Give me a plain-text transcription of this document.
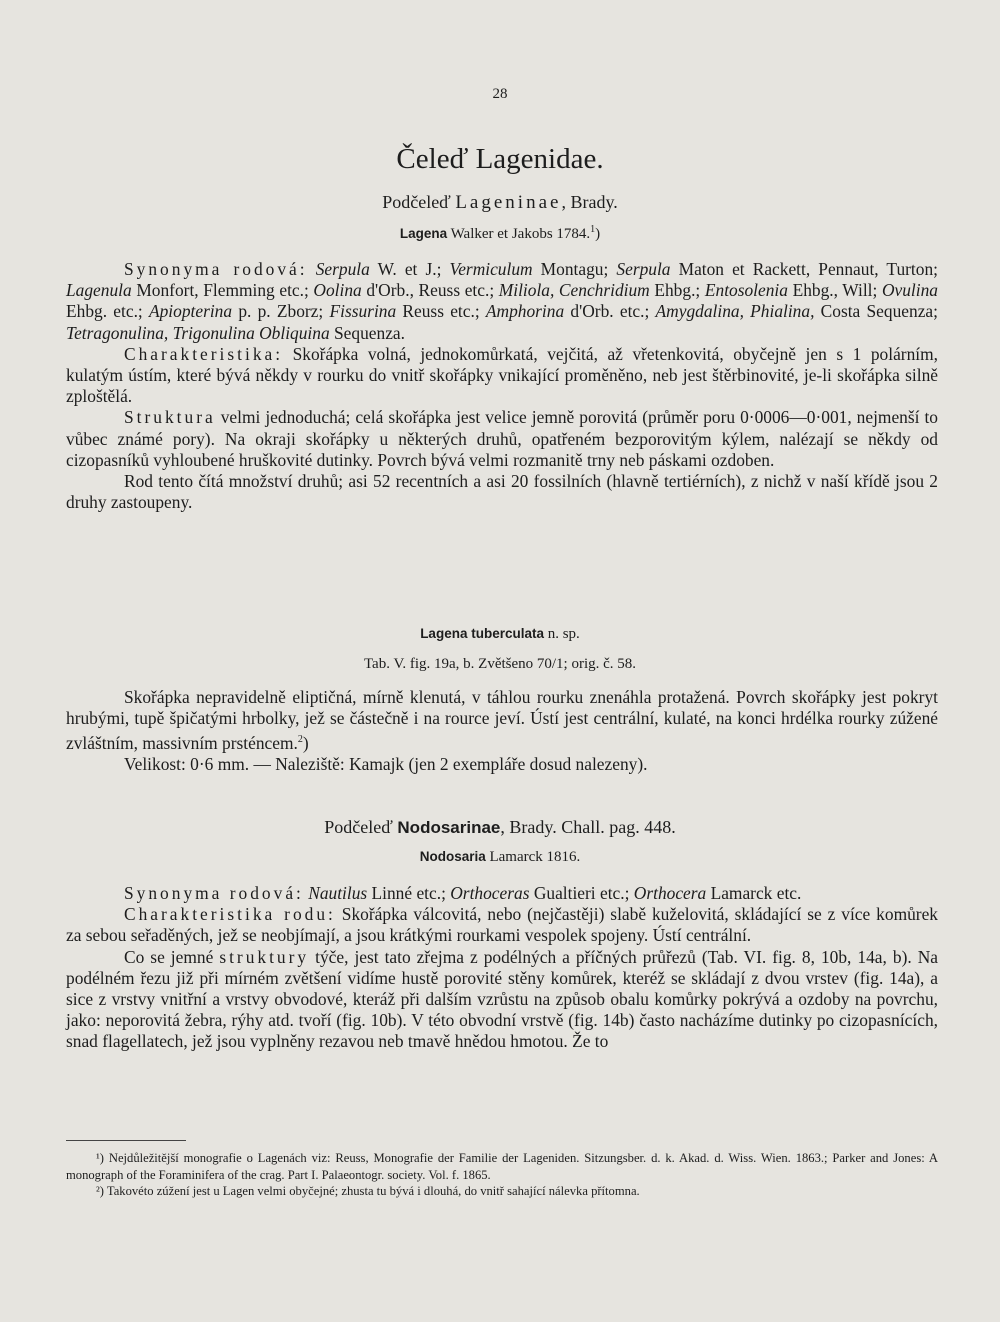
28
Čeleď Lagenidae.
Podčeleď Lageninae, Brady.
Lagena Walker et Jakobs 1784.$^1$)

Synonyma rodová: Serpula W. et J.; Vermiculum Montagu; Serpula Maton et Rackett, Pennaut, Turton; Lagenula Monfort, Flemming etc.; Oolina d'Orb., Reuss etc.; Miliola, Cenchridium Ehbg.; Entosolenia Ehbg., Will; Ovulina Ehbg. etc.; Apiopterina p. p. Zborz; Fissurina Reuss etc.; Amphorina d'Orb. etc.; Amygdalina, Phialina, Costa Sequenza; Tetragonulina, Trigonulina Obliquina Sequenza.

Charakteristika: Skořápka volná, jednokomůrkatá, vejčitá, až vřetenkovitá, obyčejně jen s 1 polárním, kulatým ústím, které bývá někdy v rourku do vnitř skořápky vnikající proměněno, neb jest štěrbinovité, je-li skořápka silně zploštělá.

Struktura velmi jednoduchá; celá skořápka jest velice jemně porovitá (průměr poru 0·0006—0·001, nejmenší to vůbec známé pory). Na okraji skořápky u některých druhů, opatřeném bezporovitým kýlem, nalézají se někdy od cizopasníků vyhloubené hruškovité dutinky. Povrch bývá velmi rozmanitě trny neb páskami ozdoben.

Rod tento čítá množství druhů; asi 52 recentních a asi 20 fossilních (hlavně tertiérních), z nichž v naší křídě jsou 2 druhy zastoupeny.

Lagena tuberculata n. sp.
Tab. V. fig. 19a, b. Zvětšeno 70/1; orig. č. 58.

Skořápka nepravidelně eliptičná, mírně klenutá, v táhlou rourku znenáhla protažená. Povrch skořápky jest pokryt hrubými, tupě špičatými hrbolky, jež se částečně i na rource jeví. Ústí jest centrální, kulaté, na konci hrdélka rourky zúžené zvláštním, massivním prsténcem.$^2$)

Velikost: 0·6 mm. — Naleziště: Kamajk (jen 2 exempláře dosud nalezeny).

Podčeleď Nodosarinae, Brady. Chall. pag. 448.
Nodosaria Lamarck 1816.

Synonyma rodová: Nautilus Linné etc.; Orthoceras Gualtieri etc.; Orthocera Lamarck etc.

Charakteristika rodu: Skořápka válcovitá, nebo (nejčastěji) slabě kuželovitá, skládající se z více komůrek za sebou seřaděných, jež se neobjímají, a jsou krátkými rourkami vespolek spojeny. Ústí centrální.

Co se jemné struktury týče, jest tato zřejma z podélných a příčných průřezů (Tab. VI. fig. 8, 10b, 14a, b). Na podélném řezu již při mírném zvětšení vidíme hustě porovité stěny komůrek, kteréž se skládají z dvou vrstev (fig. 14a), a sice z vrstvy vnitřní a vrstvy obvodové, kteráž při dalším vzrůstu na způsob obalu komůrky pokrývá a ozdoby na povrchu, jako: neporovitá žebra, rýhy atd. tvoří (fig. 10b). V této obvodní vrstvě (fig. 14b) často nacházíme dutinky po cizopasnících, snad flagellatech, jež jsou vyplněny rezavou neb tmavě hnědou hmotou. Že to

¹) Nejdůležitější monografie o Lagenách viz: Reuss, Monografie der Familie der Lageniden. Sitzungsber. d. k. Akad. d. Wiss. Wien. 1863.; Parker and Jones: A monograph of the Foraminifera of the crag. Part I. Palaeontogr. society. Vol. f. 1865.

²) Takovéto zúžení jest u Lagen velmi obyčejné; zhusta tu bývá i dlouhá, do vnitř sahající nálevka přítomna.
